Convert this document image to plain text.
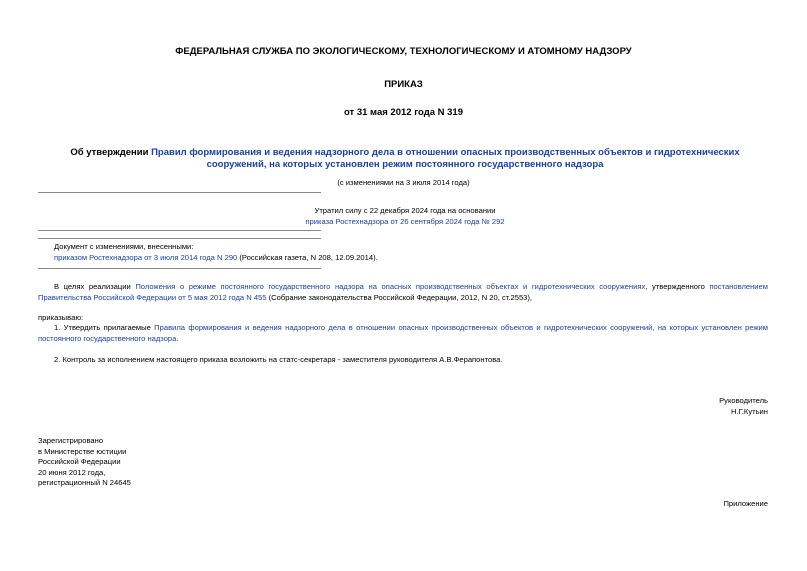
ФЕДЕРАЛЬНАЯ СЛУЖБА ПО ЭКОЛОГИЧЕСКОМУ, ТЕХНОЛОГИЧЕСКОМУ И АТОМНОМУ НАДЗОРУ
ПРИКАЗ
от 31 мая 2012 года N 319
Об утверждении Правил формирования и ведения надзорного дела в отношении опасных производственных объектов и гидротехнических сооружений, на которых установлен режим постоянного государственного надзора
(с изменениями на 3 июля 2014 года)
Утратил силу с 22 декабря 2024 года на основании
приказа Ростехнадзора от 26 сентября 2024 года № 292
Документ с изменениями, внесенными:
приказом Ростехнадзора от 3 июля 2014 года N 290 (Российская газета, N 208, 12.09.2014).
В целях реализации Положения о режиме постоянного государственного надзора на опасных производственных объектах и гидротехнических сооружениях, утвержденного постановлением Правительства Российской Федерации от 5 мая 2012 года N 455 (Собрание законодательства Российской Федерации, 2012, N 20, ст.2553),
приказываю:
1. Утвердить прилагаемые Правила формирования и ведения надзорного дела в отношении опасных производственных объектов и гидротехнических сооружений, на которых установлен режим постоянного государственного надзора.
2. Контроль за исполнением настоящего приказа возложить на статс-секретаря - заместителя руководителя А.В.Ферапонтова.
Руководитель
Н.Г.Кутьин
Зарегистрировано
в Министерстве юстиции
Российской Федерации
20 июня 2012 года,
регистрационный N 24645
Приложение
